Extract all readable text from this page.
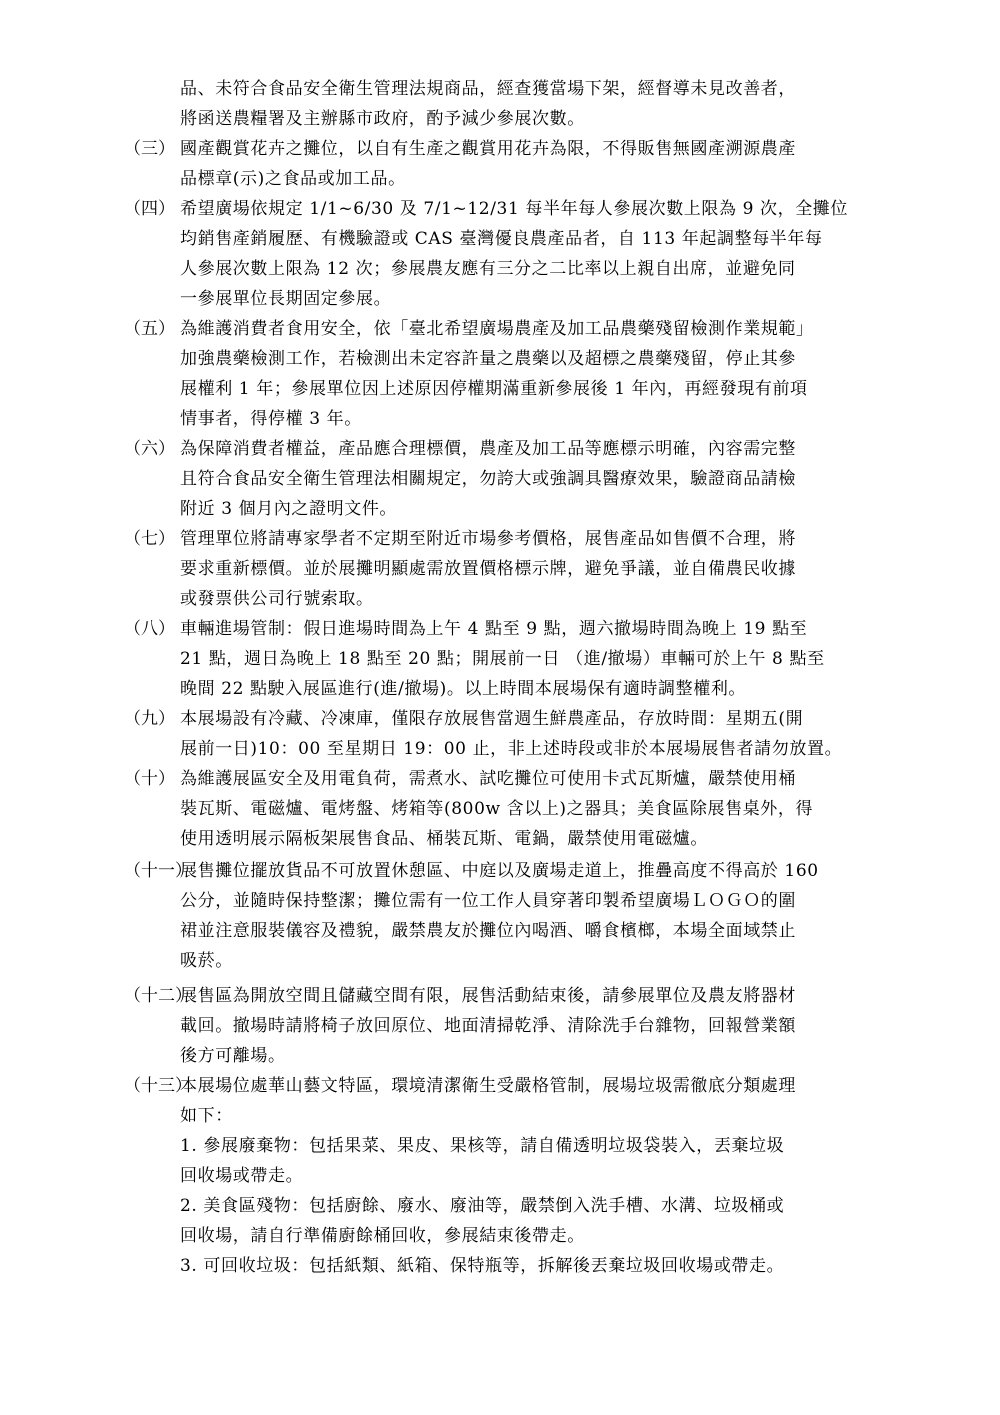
品、未符合食品安全衛生管理法規商品，經查獲當場下架，經督導未見改善者，
將函送農糧署及主辦縣市政府，酌予減少參展次數。
（三） 國產觀賞花卉之攤位，以自有生產之觀賞用花卉為限，不得販售無國產溯源農產
品標章(示)之食品或加工品。
（四） 希望廣場依規定 1/1~6/30 及 7/1~12/31 每半年每人參展次數上限為 9 次，全攤位
均銷售產銷履歷、有機驗證或 CAS 臺灣優良農產品者，自 113 年起調整每半年每
人參展次數上限為 12 次；參展農友應有三分之二比率以上親自出席，並避免同
一參展單位長期固定參展。
（五） 為維護消費者食用安全，依「臺北希望廣場農產及加工品農藥殘留檢測作業規範」
加強農藥檢測工作，若檢測出未定容許量之農藥以及超標之農藥殘留，停止其參
展權利 1 年；參展單位因上述原因停權期滿重新參展後 1 年內，再經發現有前項
情事者，得停權 3 年。
（六） 為保障消費者權益，產品應合理標價，農產及加工品等應標示明確，內容需完整
且符合食品安全衛生管理法相關規定，勿誇大或強調具醫療效果，驗證商品請檢
附近 3 個月內之證明文件。
（七） 管理單位將請專家學者不定期至附近市場參考價格，展售產品如售價不合理，將
要求重新標價。並於展攤明顯處需放置價格標示牌，避免爭議，並自備農民收據
或發票供公司行號索取。
（八） 車輛進場管制：假日進場時間為上午 4 點至 9 點，週六撤場時間為晚上 19 點至
21 點，週日為晚上 18 點至 20 點；開展前一日 （進/撤場）車輛可於上午 8 點至
晚間 22 點駛入展區進行(進/撤場)。以上時間本展場保有適時調整權利。
（九） 本展場設有冷藏、冷凍庫，僅限存放展售當週生鮮農產品，存放時間：星期五(開
展前一日)10：00 至星期日 19：00 止，非上述時段或非於本展場展售者請勿放置。
（十） 為維護展區安全及用電負荷，需煮水、試吃攤位可使用卡式瓦斯爐，嚴禁使用桶
裝瓦斯、電磁爐、電烤盤、烤箱等(800w 含以上)之器具；美食區除展售桌外，得
使用透明展示隔板架展售食品、桶裝瓦斯、電鍋，嚴禁使用電磁爐。
（十一）
展售攤位擺放貨品不可放置休憩區、中庭以及廣場走道上，推疊高度不得高於 160
公分，並隨時保持整潔；攤位需有一位工作人員穿著印製希望廣場ＬＯＧＯ的圍
裙並注意服裝儀容及禮貌，嚴禁農友於攤位內喝酒、嚼食檳榔，本場全面域禁止
吸菸。
（十二）
展售區為開放空間且儲藏空間有限，展售活動結束後，請參展單位及農友將器材
載回。撤場時請將椅子放回原位、地面清掃乾淨、清除洗手台雜物，回報營業額
後方可離場。
（十三）
本展場位處華山藝文特區，環境清潔衛生受嚴格管制，展場垃圾需徹底分類處理
如下：
1. 參展廢棄物：包括果菜、果皮、果核等，請自備透明垃圾袋裝入，丟棄垃圾
回收場或帶走。
2. 美食區殘物：包括廚餘、廢水、廢油等，嚴禁倒入洗手槽、水溝、垃圾桶或
回收場，請自行準備廚餘桶回收，參展結束後帶走。
3. 可回收垃圾：包括紙類、紙箱、保特瓶等，拆解後丟棄垃圾回收場或帶走。
